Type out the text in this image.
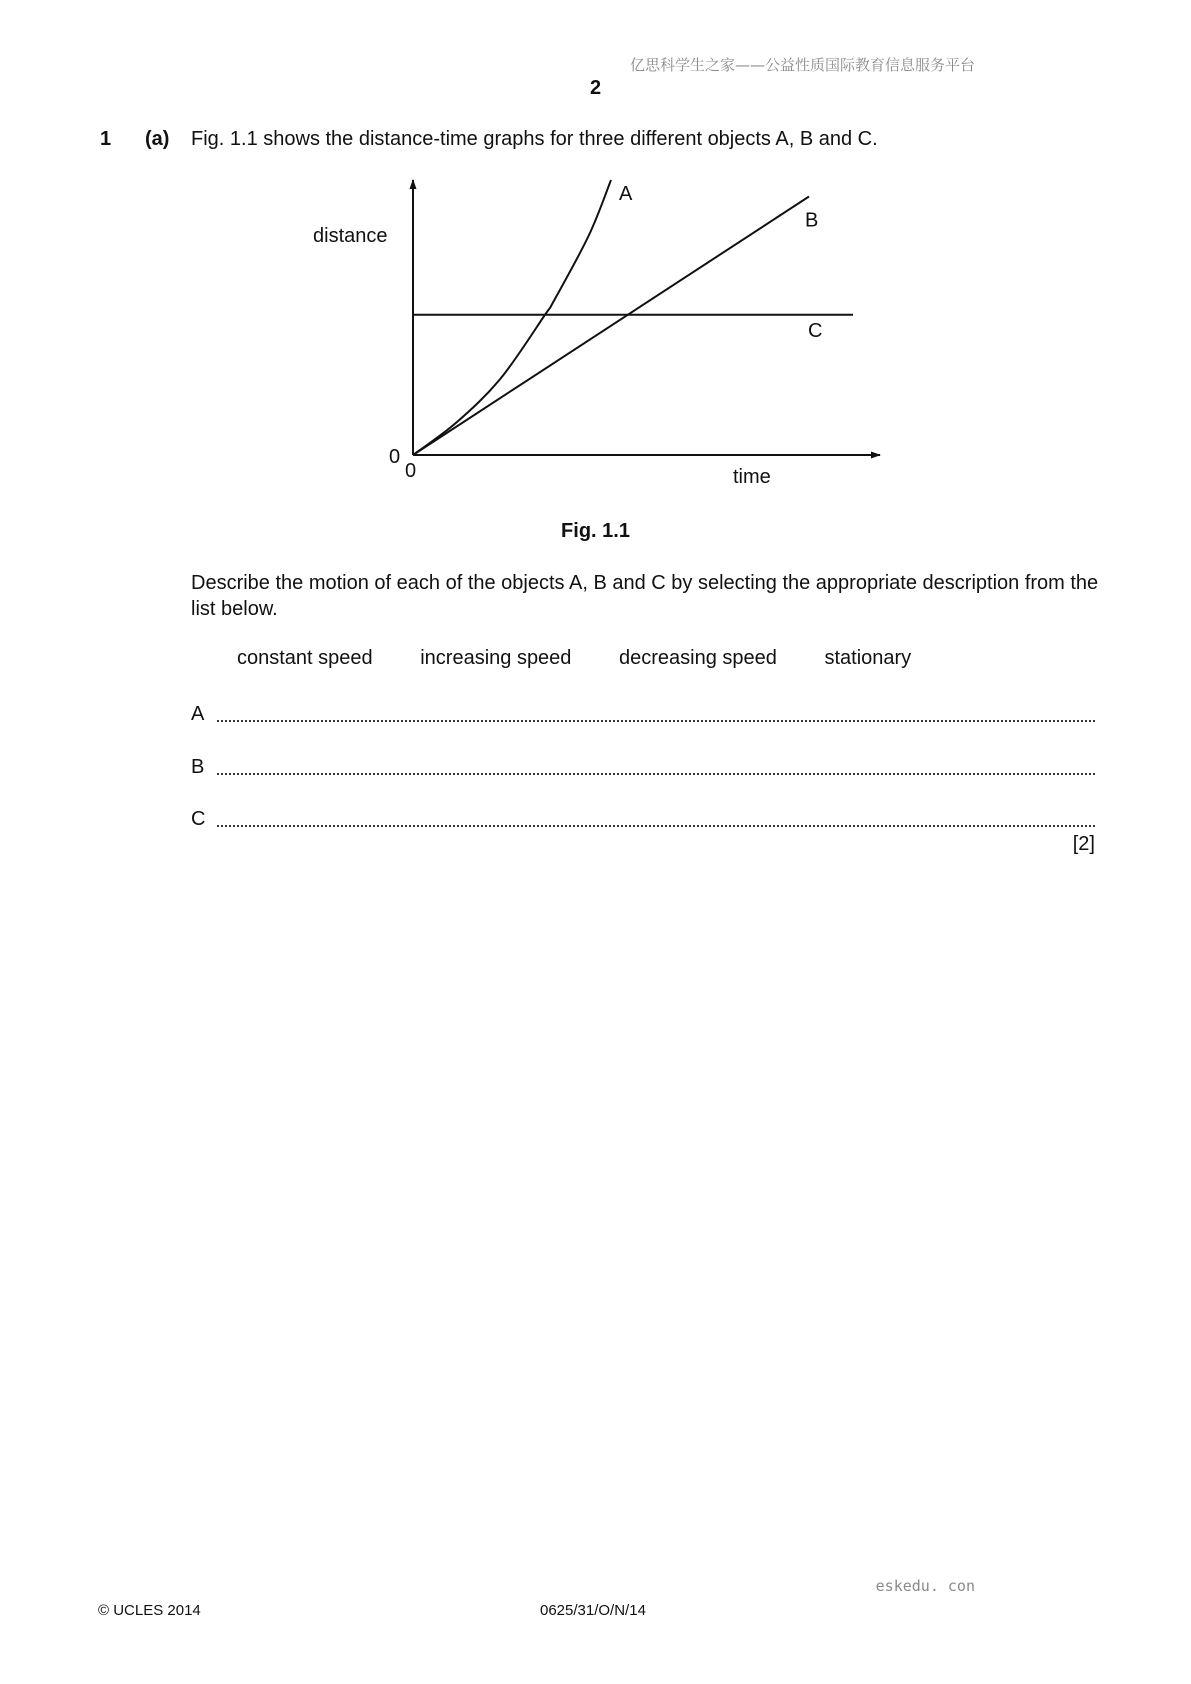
亿思科学生之家——公益性质国际教育信息服务平台
2
1 (a) Fig. 1.1 shows the distance-time graphs for three different objects A, B and C.
A
B
C
distance
time
0
0
Fig. 1.1
Describe the motion of each of the objects A, B and C by selecting the appropriate description from the list below.
constant speed increasing speed decreasing speed stationary
A
B
C
[2]
eskedu. con
© UCLES 2014	0625/31/O/N/14
